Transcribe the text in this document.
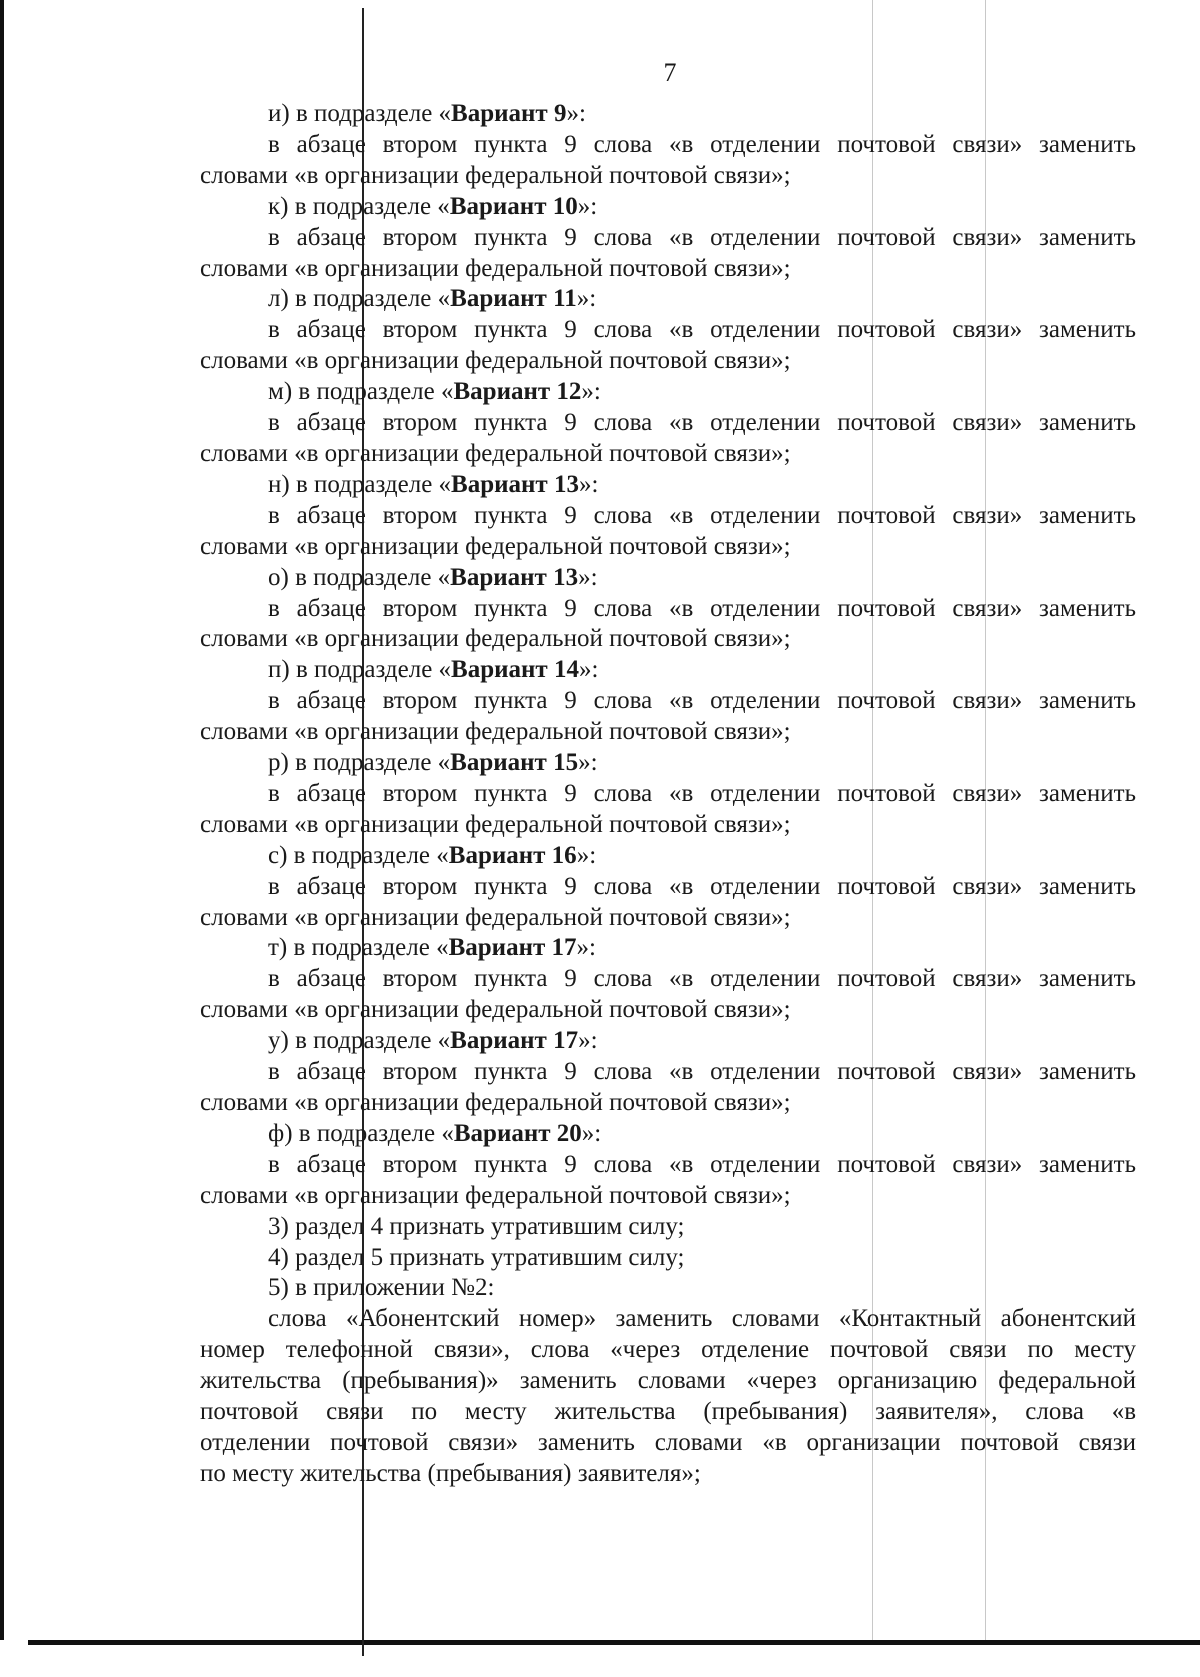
7
и) в подразделе «Вариант 9»:
в абзаце втором пункта 9 слова «в отделении почтовой связи» заменить
словами «в организации федеральной почтовой связи»;
к) в подразделе «Вариант 10»:
в абзаце втором пункта 9 слова «в отделении почтовой связи» заменить
словами «в организации федеральной почтовой связи»;
л) в подразделе «Вариант 11»:
в абзаце втором пункта 9 слова «в отделении почтовой связи» заменить
словами «в организации федеральной почтовой связи»;
м) в подразделе «Вариант 12»:
в абзаце втором пункта 9 слова «в отделении почтовой связи» заменить
словами «в организации федеральной почтовой связи»;
н) в подразделе «Вариант 13»:
в абзаце втором пункта 9 слова «в отделении почтовой связи» заменить
словами «в организации федеральной почтовой связи»;
о) в подразделе «Вариант 13»:
в абзаце втором пункта 9 слова «в отделении почтовой связи» заменить
словами «в организации федеральной почтовой связи»;
п) в подразделе «Вариант 14»:
в абзаце втором пункта 9 слова «в отделении почтовой связи» заменить
словами «в организации федеральной почтовой связи»;
р) в подразделе «Вариант 15»:
в абзаце втором пункта 9 слова «в отделении почтовой связи» заменить
словами «в организации федеральной почтовой связи»;
с) в подразделе «Вариант 16»:
в абзаце втором пункта 9 слова «в отделении почтовой связи» заменить
словами «в организации федеральной почтовой связи»;
т) в подразделе «Вариант 17»:
в абзаце втором пункта 9 слова «в отделении почтовой связи» заменить
словами «в организации федеральной почтовой связи»;
у) в подразделе «Вариант 17»:
в абзаце втором пункта 9 слова «в отделении почтовой связи» заменить
словами «в организации федеральной почтовой связи»;
ф) в подразделе «Вариант 20»:
в абзаце втором пункта 9 слова «в отделении почтовой связи» заменить
словами «в организации федеральной почтовой связи»;
3) раздел 4 признать утратившим силу;
4) раздел 5 признать утратившим силу;
5) в приложении №2:
слова «Абонентский номер» заменить словами «Контактный абонентский
номер телефонной связи», слова «через отделение почтовой связи по месту
жительства (пребывания)» заменить словами «через организацию федеральной
почтовой связи по месту жительства (пребывания) заявителя», слова «в
отделении почтовой связи» заменить словами «в организации почтовой связи
по месту жительства (пребывания) заявителя»;
